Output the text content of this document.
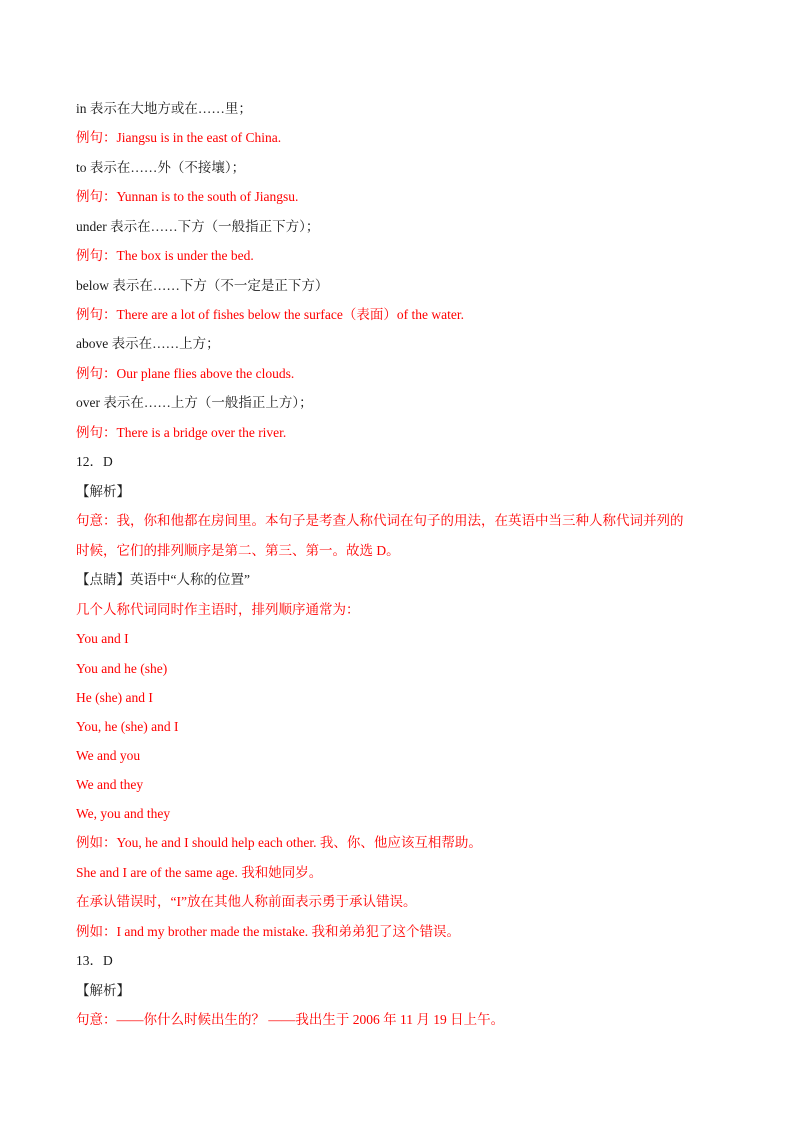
in 表示在大地方或在……里；
例句：Jiangsu is in the east of China.
to 表示在……外（不接壤）；
例句：Yunnan is to the south of Jiangsu.
under 表示在……下方（一般指正下方）；
例句：The box is under the bed.
below 表示在……下方（不一定是正下方）
例句：There are a lot of fishes below the surface（表面）of the water.
above 表示在……上方；
例句：Our plane flies above the clouds.
over 表示在……上方（一般指正上方）；
例句：There is a bridge over the river.
12．D
【解析】
句意：我，你和他都在房间里。本句子是考查人称代词在句子的用法，在英语中当三种人称代词并列的
时候，它们的排列顺序是第二、第三、第一。故选 D。
【点睛】英语中“人称的位置”
几个人称代词同时作主语时，排列顺序通常为：
You and I
You and he (she)
He (she) and I
You, he (she) and I
We and you
We and they
We, you and they
例如：You, he and I should help each other. 我、你、他应该互相帮助。
She and I are of the same age. 我和她同岁。
在承认错误时，“I”放在其他人称前面表示勇于承认错误。
例如：I and my brother made the mistake. 我和弟弟犯了这个错误。
13．D
【解析】
句意：——你什么时候出生的？ ——我出生于 2006 年 11 月 19 日上午。
